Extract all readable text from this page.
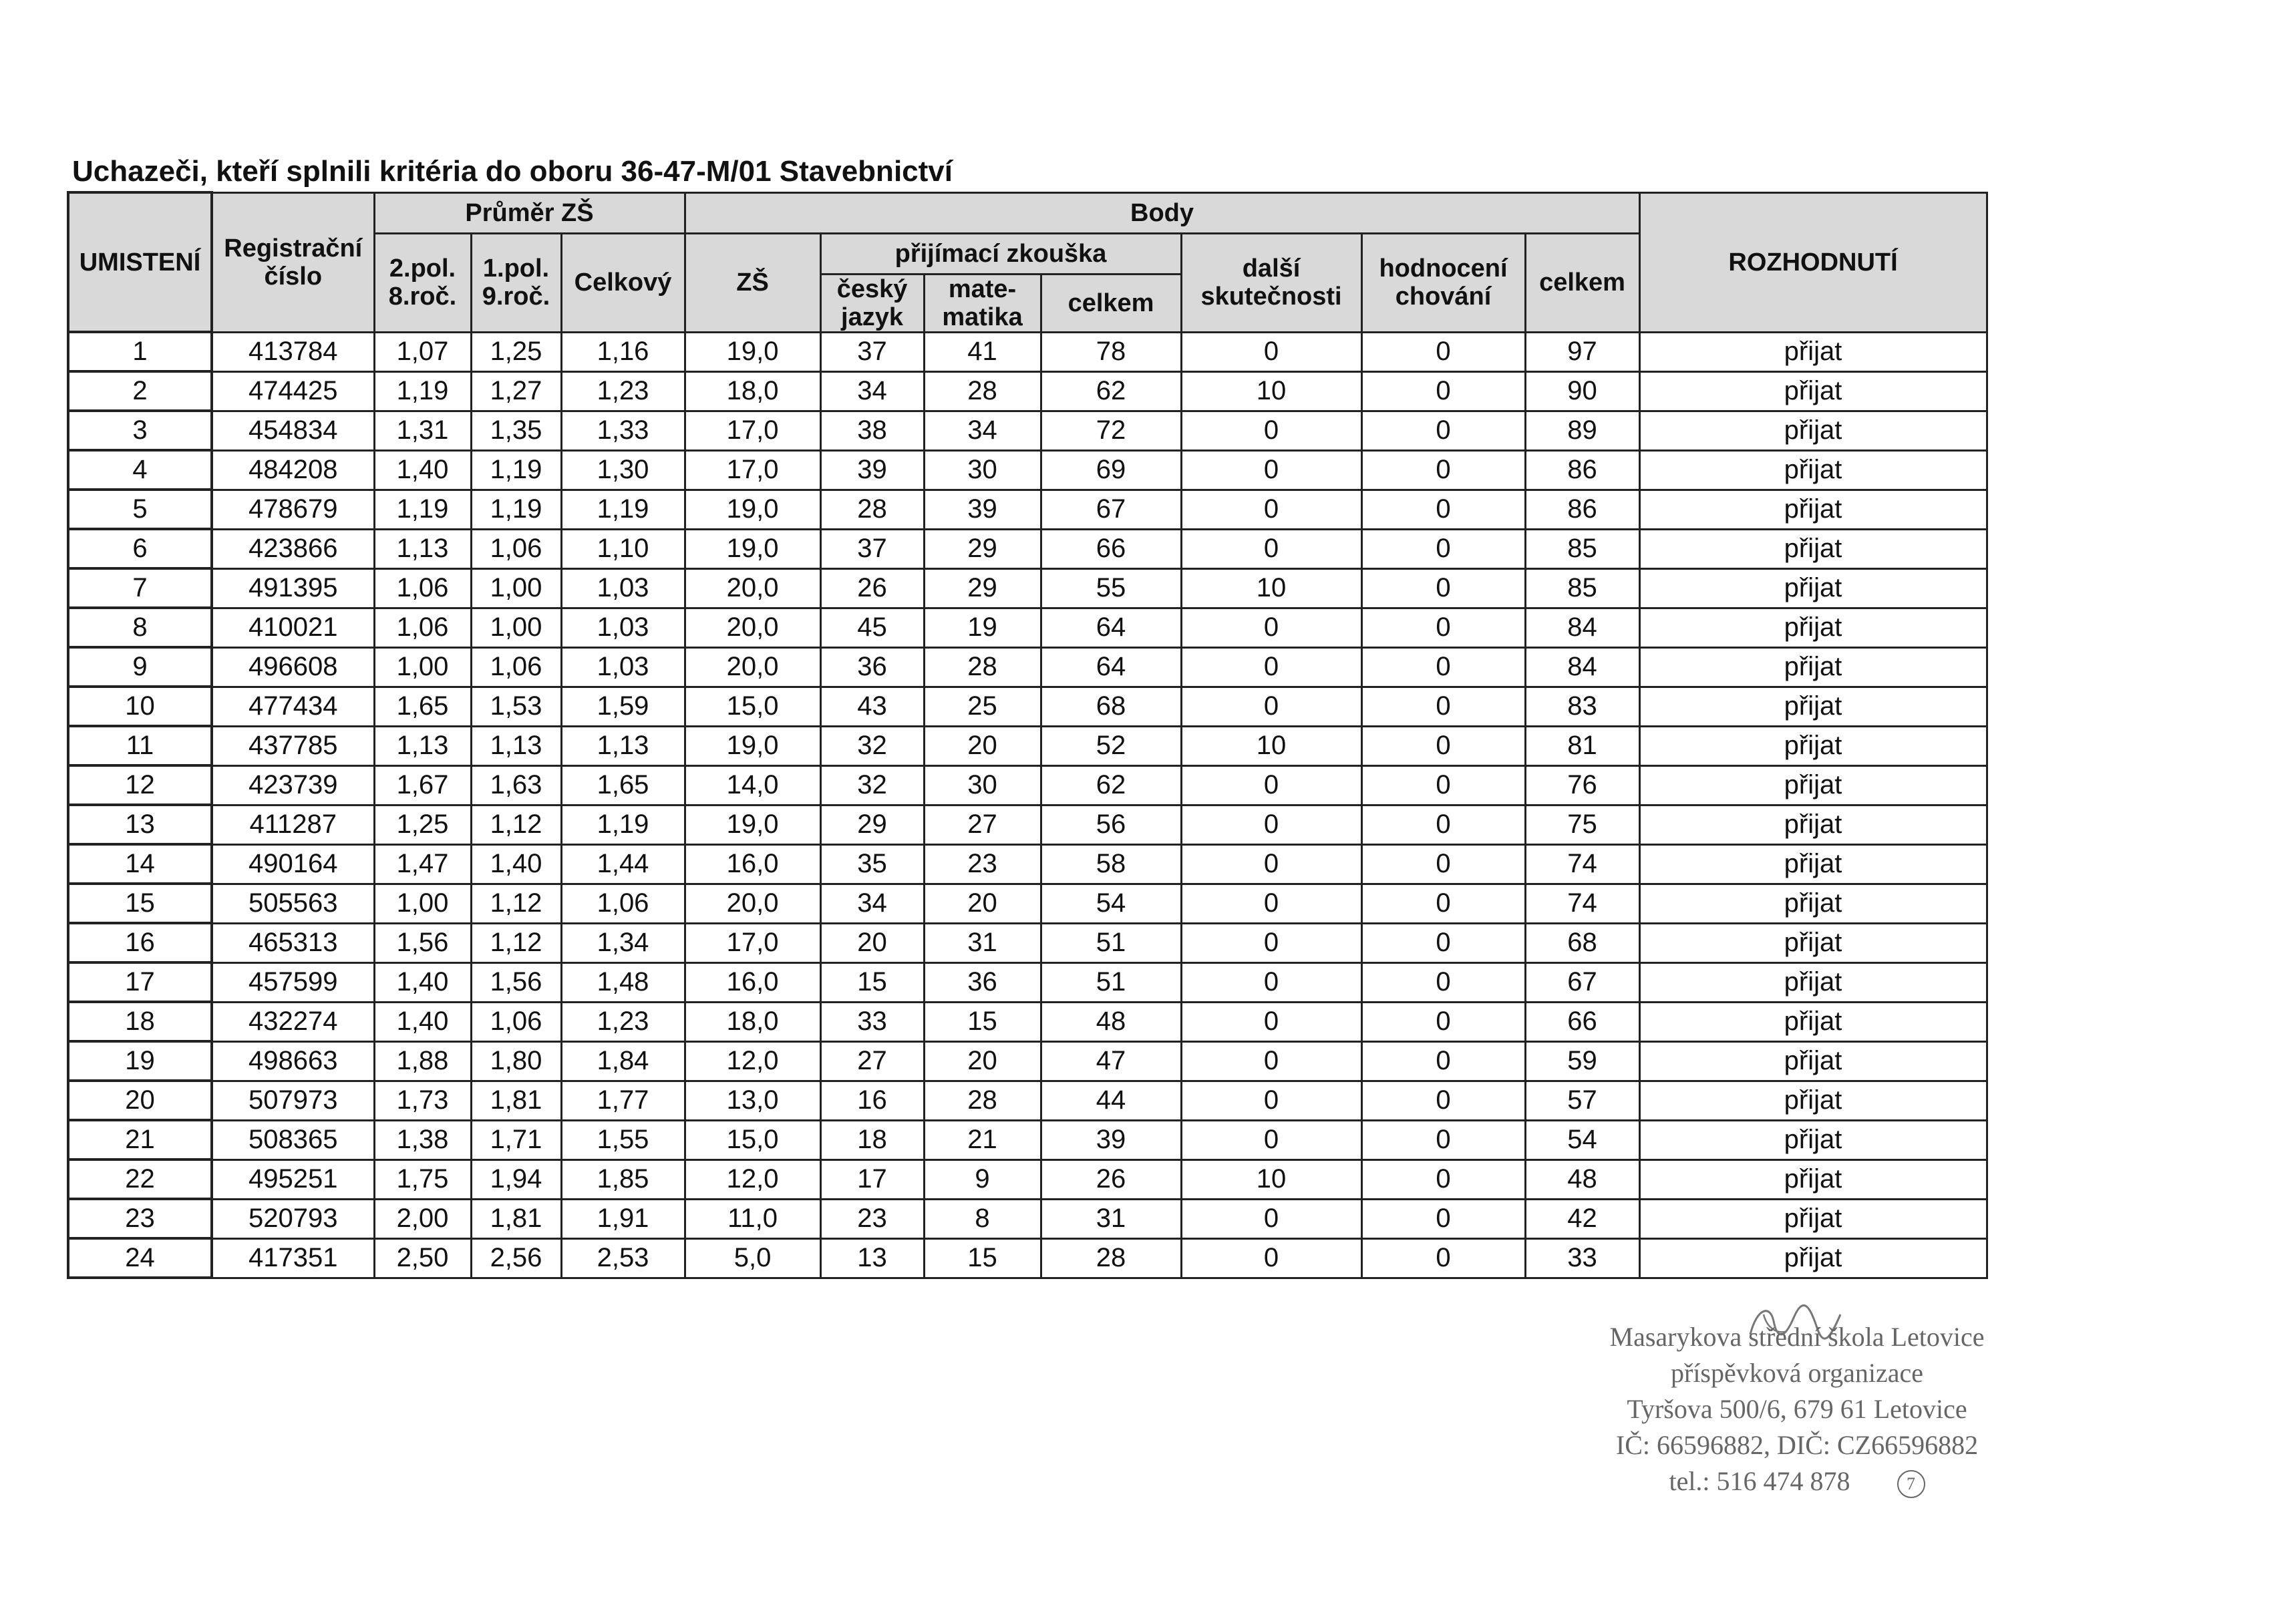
Uchazeči, kteří splnili kritéria do oboru 36-47-M/01 Stavebnictví
UMISTENÍ	Registrační číslo	Průměr ZŠ			Body							ROZHODNUTÍ
		2.pol. 8.roč.	1.pol. 9.roč.	Celkový	ZŠ	přijímací zkouška			další skutečnosti	hodnocení chování	celkem	
						český jazyk	mate- matika	celkem				

1	413784	1,07	1,25	1,16	19,0	37	41	78	0	0	97	přijat
2	474425	1,19	1,27	1,23	18,0	34	28	62	10	0	90	přijat
3	454834	1,31	1,35	1,33	17,0	38	34	72	0	0	89	přijat
4	484208	1,40	1,19	1,30	17,0	39	30	69	0	0	86	přijat
5	478679	1,19	1,19	1,19	19,0	28	39	67	0	0	86	přijat
6	423866	1,13	1,06	1,10	19,0	37	29	66	0	0	85	přijat
7	491395	1,06	1,00	1,03	20,0	26	29	55	10	0	85	přijat
8	410021	1,06	1,00	1,03	20,0	45	19	64	0	0	84	přijat
9	496608	1,00	1,06	1,03	20,0	36	28	64	0	0	84	přijat
10	477434	1,65	1,53	1,59	15,0	43	25	68	0	0	83	přijat
11	437785	1,13	1,13	1,13	19,0	32	20	52	10	0	81	přijat
12	423739	1,67	1,63	1,65	14,0	32	30	62	0	0	76	přijat
13	411287	1,25	1,12	1,19	19,0	29	27	56	0	0	75	přijat
14	490164	1,47	1,40	1,44	16,0	35	23	58	0	0	74	přijat
15	505563	1,00	1,12	1,06	20,0	34	20	54	0	0	74	přijat
16	465313	1,56	1,12	1,34	17,0	20	31	51	0	0	68	přijat
17	457599	1,40	1,56	1,48	16,0	15	36	51	0	0	67	přijat
18	432274	1,40	1,06	1,23	18,0	33	15	48	0	0	66	přijat
19	498663	1,88	1,80	1,84	12,0	27	20	47	0	0	59	přijat
20	507973	1,73	1,81	1,77	13,0	16	28	44	0	0	57	přijat
21	508365	1,38	1,71	1,55	15,0	18	21	39	0	0	54	přijat
22	495251	1,75	1,94	1,85	12,0	17	9	26	10	0	48	přijat
23	520793	2,00	1,81	1,91	11,0	23	8	31	0	0	42	přijat
24	417351	2,50	2,56	2,53	5,0	13	15	28	0	0	33	přijat
Masarykova střední škola Letovice
příspěvková organizace
Tyršova 500/6, 679 61 Letovice
IČ: 66596882, DIČ: CZ66596882
tel.: 516 474 878	7
